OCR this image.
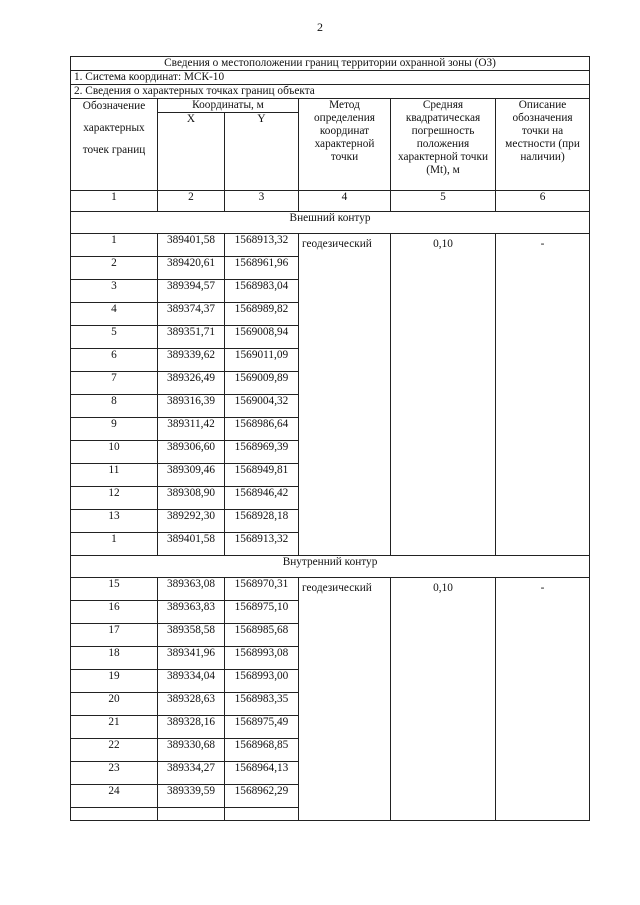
2
Сведения о местоположении границ территории охранной зоны (ОЗ)					
1. Система координат: МСК-10					
2. Сведения о характерных точках границ объекта					

Обозначение
характерных
точек границ	Координаты, м		Метод определения координат характерной точки	Средняя квадратическая погрешность положения характерной точки (Mt), м	Описание обозначения точки на местности (при наличии)
	X	Y			
1	2	3	4	5	6
Внешний контур					
1	389401,58	1568913,32	геодезический	0,10	-
2	389420,61	1568961,96			
3	389394,57	1568983,04			
4	389374,37	1568989,82			
5	389351,71	1569008,94			
6	389339,62	1569011,09			
7	389326,49	1569009,89			
8	389316,39	1569004,32			
9	389311,42	1568986,64			
10	389306,60	1568969,39			
11	389309,46	1568949,81			
12	389308,90	1568946,42			
13	389292,30	1568928,18			
1	389401,58	1568913,32			
Внутренний контур					
15	389363,08	1568970,31	геодезический	0,10	-
16	389363,83	1568975,10			
17	389358,58	1568985,68			
18	389341,96	1568993,08			
19	389334,04	1568993,00			
20	389328,63	1568983,35			
21	389328,16	1568975,49			
22	389330,68	1568968,85			
23	389334,27	1568964,13			
24	389339,59	1568962,29			
